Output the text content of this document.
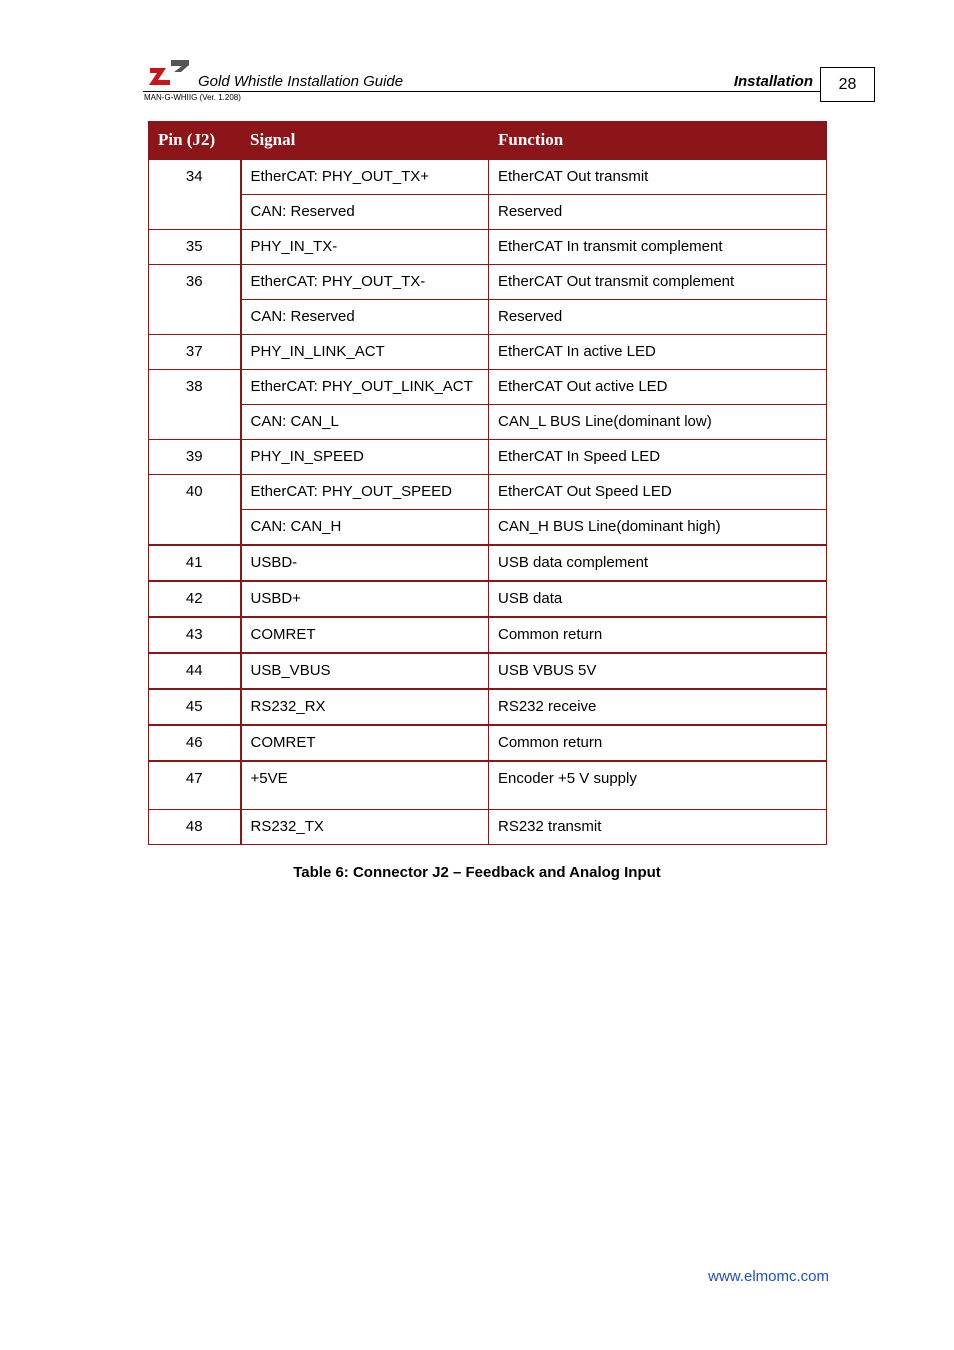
Gold Whistle Installation Guide	Installation
MAN-G-WHIIG (Ver. 1.208)
28
Pin (J2)	Signal	Function
34	EtherCAT: PHY_OUT_TX+	EtherCAT Out transmit
	CAN: Reserved	Reserved
35	PHY_IN_TX-	EtherCAT In transmit complement
36	EtherCAT: PHY_OUT_TX-	EtherCAT Out transmit complement
	CAN: Reserved	Reserved
37	PHY_IN_LINK_ACT	EtherCAT In active LED
38	EtherCAT: PHY_OUT_LINK_ACT	EtherCAT Out active LED
	CAN: CAN_L	CAN_L BUS Line(dominant low)
39	PHY_IN_SPEED	EtherCAT In Speed LED
40	EtherCAT: PHY_OUT_SPEED	EtherCAT Out Speed LED
	CAN: CAN_H	CAN_H BUS Line(dominant high)
41	USBD-	USB data complement
42	USBD+	USB data
43	COMRET	Common return
44	USB_VBUS	USB VBUS 5V
45	RS232_RX	RS232 receive
46	COMRET	Common return
47	+5VE	Encoder +5 V supply
48	RS232_TX	RS232 transmit
Table 6: Connector J2 – Feedback and Analog Input
www.elmomc.com
